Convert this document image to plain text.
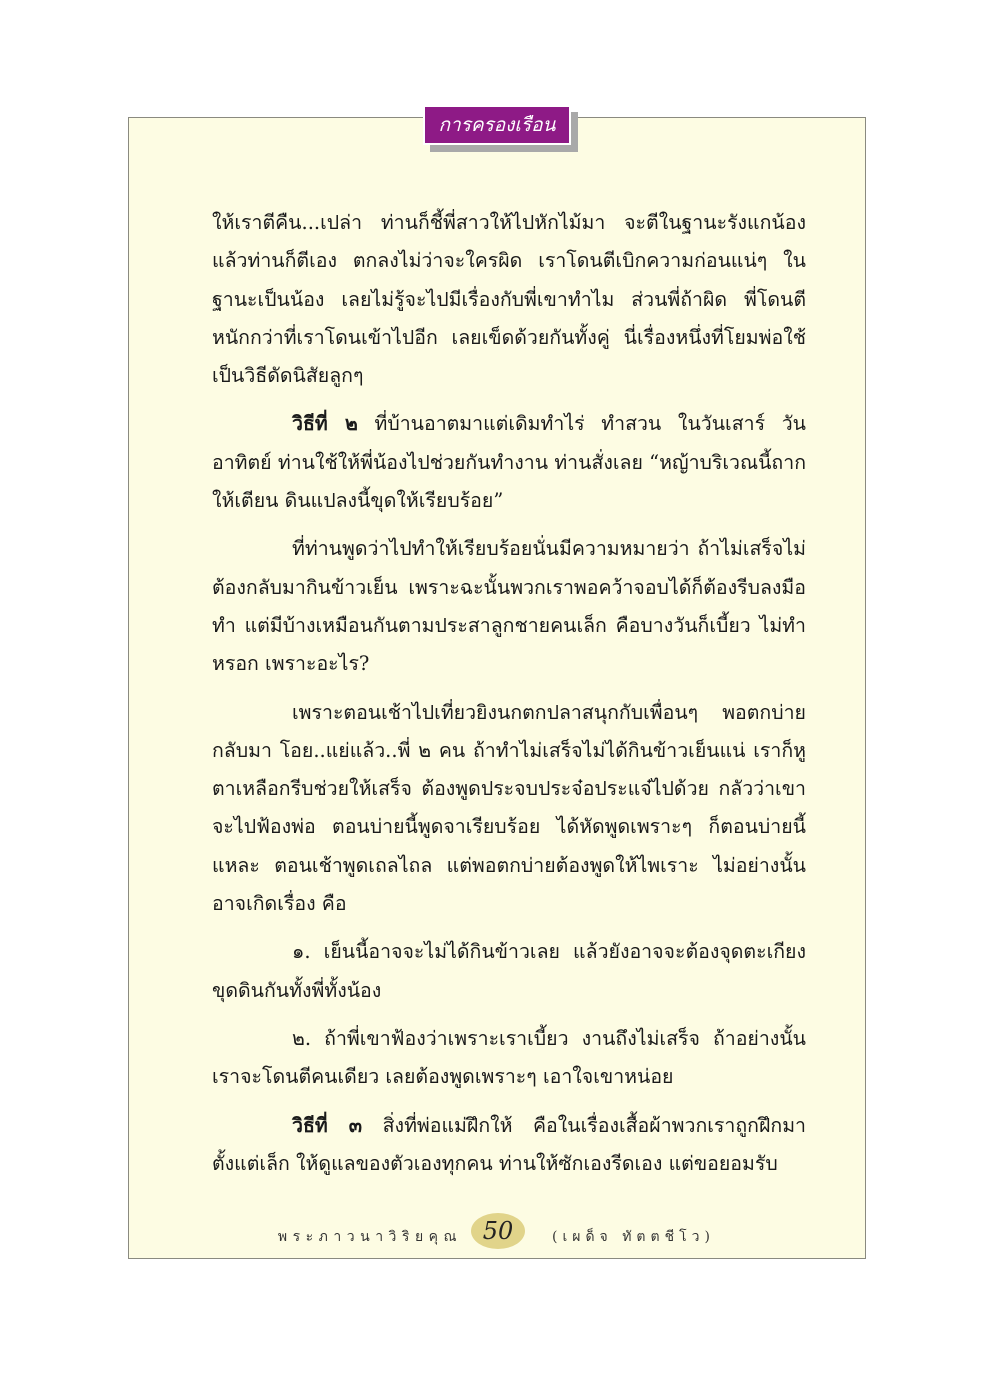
การครองเรือน

ให้เราตีคืน...เปล่า ท่านก็ชี้พี่สาวให้ไปหักไม้มา จะตีในฐานะรังแกน้อง แล้วท่านก็ตีเอง ตกลงไม่ว่าจะใครผิด เราโดนตีเบิกความก่อนแน่ๆ ในฐานะเป็นน้อง เลยไม่รู้จะไปมีเรื่องกับพี่เขาทำไม ส่วนพี่ถ้าผิด พี่โดนตีหนักกว่าที่เราโดนเข้าไปอีก เลยเข็ดด้วยกันทั้งคู่ นี่เรื่องหนึ่งที่โยมพ่อใช้เป็นวิธีดัดนิสัยลูกๆ

วิธีที่ ๒ ที่บ้านอาตมาแต่เดิมทำไร่ ทำสวน ในวันเสาร์ วันอาทิตย์ ท่านใช้ให้พี่น้องไปช่วยกันทำงาน ท่านสั่งเลย “หญ้าบริเวณนี้ถากให้เตียน ดินแปลงนี้ขุดให้เรียบร้อย”

ที่ท่านพูดว่าไปทำให้เรียบร้อยนั่นมีความหมายว่า ถ้าไม่เสร็จไม่ต้องกลับมากินข้าวเย็น เพราะฉะนั้นพวกเราพอคว้าจอบได้ก็ต้องรีบลงมือทำ แต่มีบ้างเหมือนกันตามประสาลูกชายคนเล็ก คือบางวันก็เบี้ยว ไม่ทำหรอก เพราะอะไร?

เพราะตอนเช้าไปเที่ยวยิงนกตกปลาสนุกกับเพื่อนๆ พอตกบ่ายกลับมา โอย..แย่แล้ว..พี่ ๒ คน ถ้าทำไม่เสร็จไม่ได้กินข้าวเย็นแน่ เราก็หูตาเหลือกรีบช่วยให้เสร็จ ต้องพูดประจบประจ๋อประแจ๋ไปด้วย กลัวว่าเขาจะไปฟ้องพ่อ ตอนบ่ายนี้พูดจาเรียบร้อย ได้หัดพูดเพราะๆ ก็ตอนบ่ายนี้แหละ ตอนเช้าพูดเถลไถล แต่พอตกบ่ายต้องพูดให้ไพเราะ ไม่อย่างนั้นอาจเกิดเรื่อง คือ

๑. เย็นนี้อาจจะไม่ได้กินข้าวเลย แล้วยังอาจจะต้องจุดตะเกียงขุดดินกันทั้งพี่ทั้งน้อง

๒. ถ้าพี่เขาฟ้องว่าเพราะเราเบี้ยว งานถึงไม่เสร็จ ถ้าอย่างนั้น เราจะโดนตีคนเดียว เลยต้องพูดเพราะๆ เอาใจเขาหน่อย

วิธีที่ ๓ สิ่งที่พ่อแม่ฝึกให้ คือในเรื่องเสื้อผ้าพวกเราถูกฝึกมาตั้งแต่เล็ก ให้ดูแลของตัวเองทุกคน ท่านให้ซักเองรีดเอง แต่ขอยอมรับ

พระภาวนาวิริยคุณ 50	(เผด็จ ทัตตชีโว)
